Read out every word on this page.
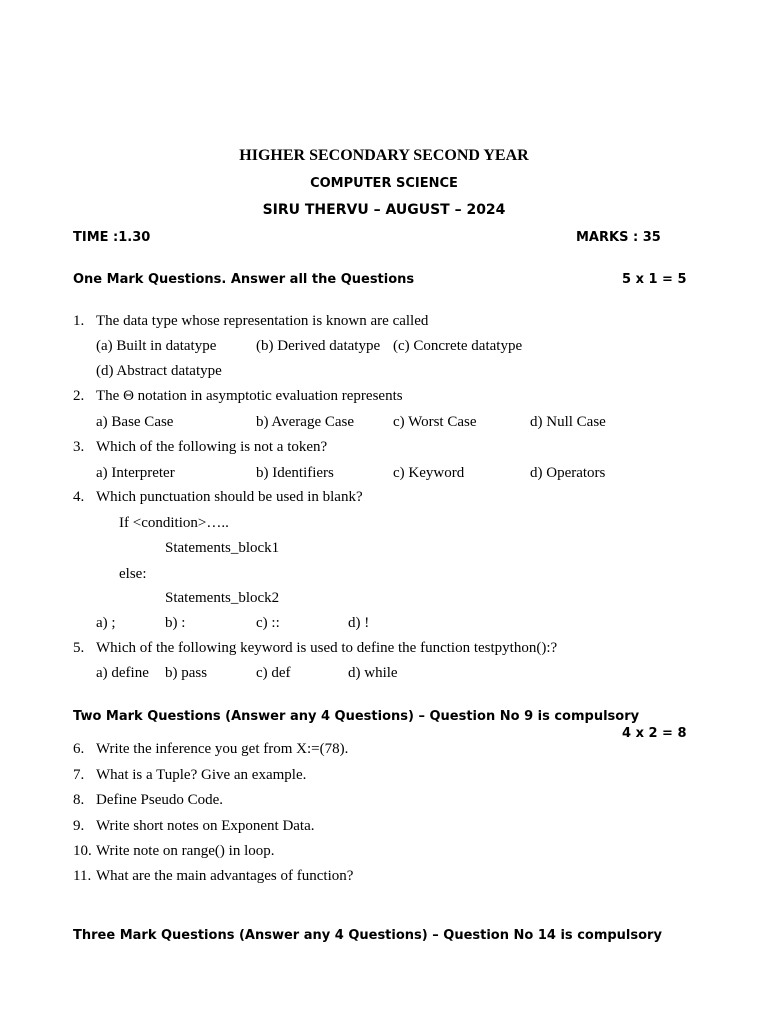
HIGHER SECONDARY SECOND YEAR
COMPUTER SCIENCE
SIRU THERVU – AUGUST – 2024
TIME :1.30	MARKS : 35
One Mark Questions. Answer all the Questions	5 x 1 = 5
1. The data type whose representation is known are called
(a) Built in datatype	(b) Derived datatype (c) Concrete datatype
(d) Abstract datatype
2. The Θ notation in asymptotic evaluation represents
a) Base Case	b) Average Case	c) Worst Case	d) Null Case
3. Which of the following is not a token?
a) Interpreter	b) Identifiers	c) Keyword	d) Operators
4. Which punctuation should be used in blank?
If <condition>…..
Statements_block1
else:
Statements_block2
a) ;	b) :	c) ::	d) !
5. Which of the following keyword is used to define the function testpython():?
a) define b) pass	c) def	d) while
Two Mark Questions (Answer any 4 Questions) – Question No 9 is compulsory
4 x 2 = 8
6. Write the inference you get from X:=(78).
7. What is a Tuple? Give an example.
8. Define Pseudo Code.
9. Write short notes on Exponent Data.
10. Write note on range() in loop.
11. What are the main advantages of function?
Three Mark Questions (Answer any 4 Questions) – Question No 14 is compulsory
